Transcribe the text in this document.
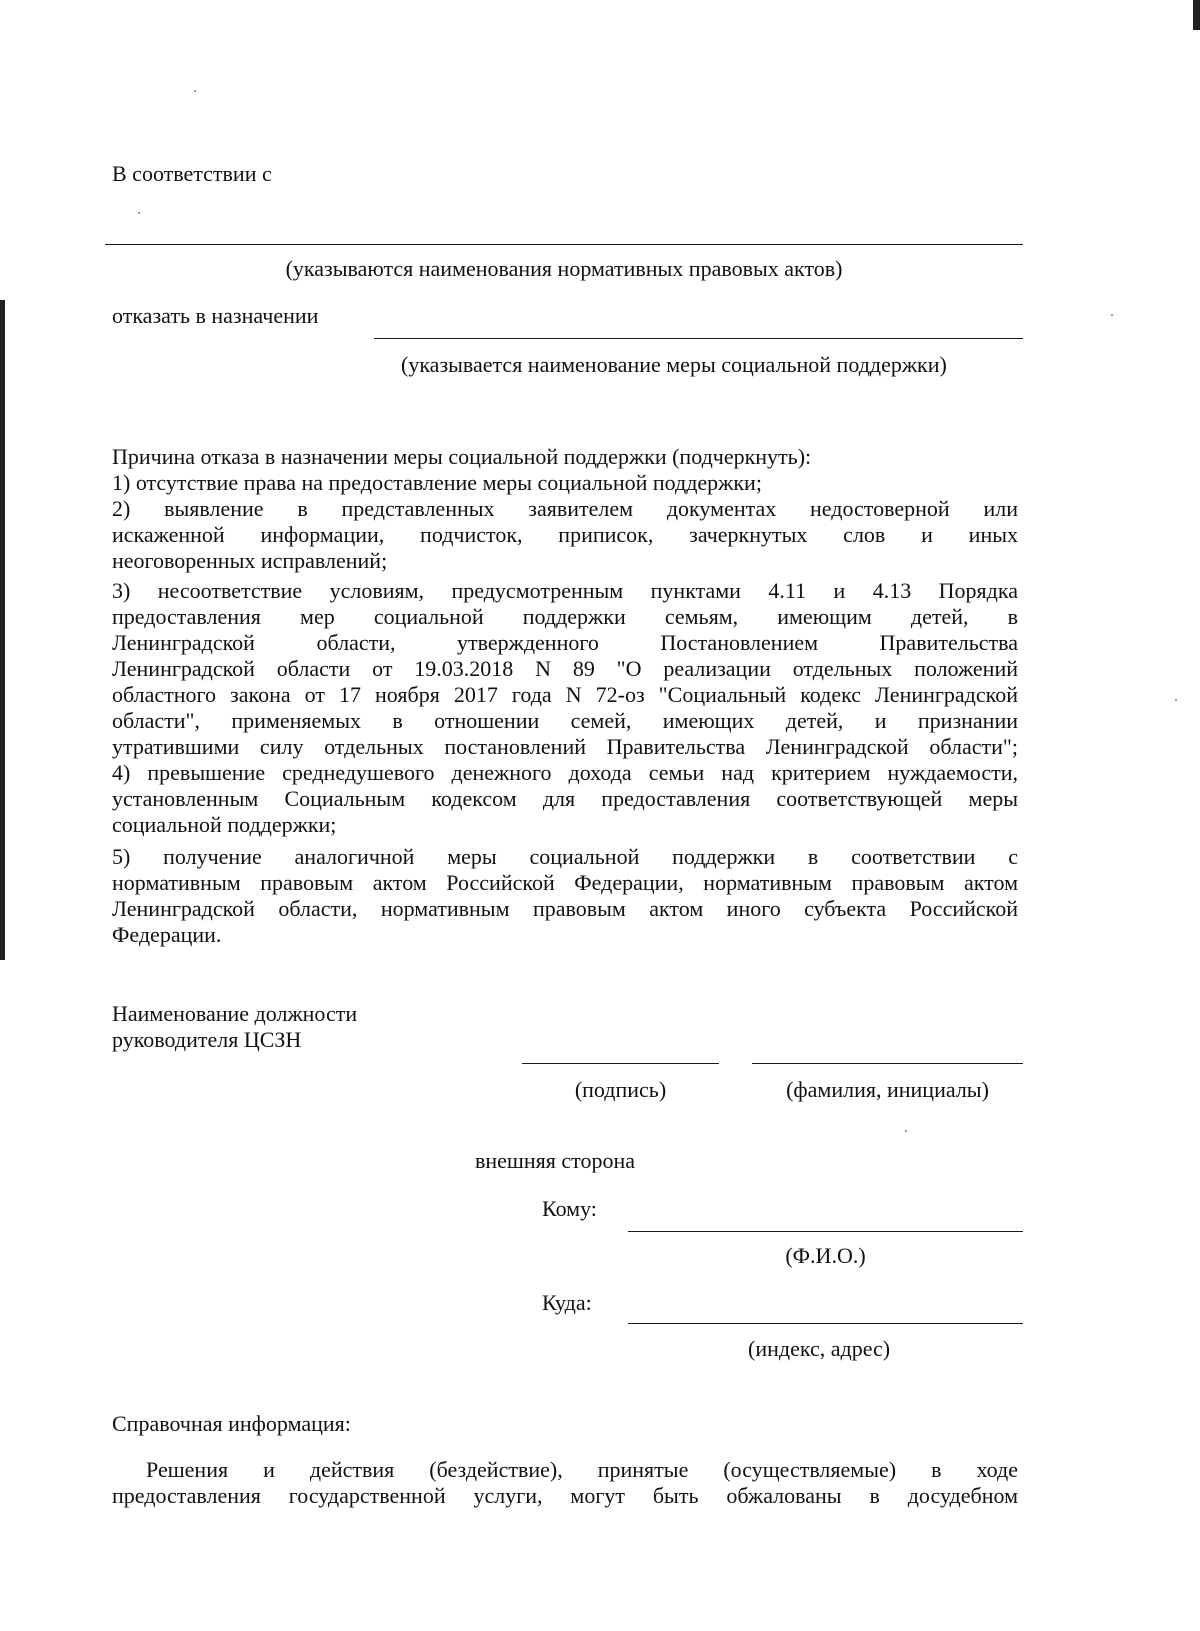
В соответствии с
(указываются наименования нормативных правовых актов)
отказать в назначении
(указывается наименование меры социальной поддержки)
Причина отказа в назначении меры социальной поддержки (подчеркнуть):
1) отсутствие права на предоставление меры социальной поддержки;
2) выявление в представленных заявителем документах недостоверной или
искаженной информации, подчисток, приписок, зачеркнутых слов и иных
неоговоренных исправлений;
3) несоответствие условиям, предусмотренным пунктами 4.11 и 4.13 Порядка
предоставления мер социальной поддержки семьям, имеющим детей, в
Ленинградской области, утвержденного Постановлением Правительства
Ленинградской области от 19.03.2018 N 89 "О реализации отдельных положений
областного закона от 17 ноября 2017 года N 72-оз "Социальный кодекс Ленинградской
области", применяемых в отношении семей, имеющих детей, и признании
утратившими силу отдельных постановлений Правительства Ленинградской области";
4) превышение среднедушевого денежного дохода семьи над критерием нуждаемости,
установленным Социальным кодексом для предоставления соответствующей меры
социальной поддержки;
5) получение аналогичной меры социальной поддержки в соответствии с
нормативным правовым актом Российской Федерации, нормативным правовым актом
Ленинградской области, нормативным правовым актом иного субъекта Российской
Федерации.
Наименование должности
руководителя ЦСЗН
(подпись)	(фамилия, инициалы)
внешняя сторона
Кому:
(Ф.И.О.)
Куда:
(индекс, адрес)
Справочная информация:
Решения и действия (бездействие), принятые (осуществляемые) в ходе
предоставления государственной услуги, могут быть обжалованы в досудебном
